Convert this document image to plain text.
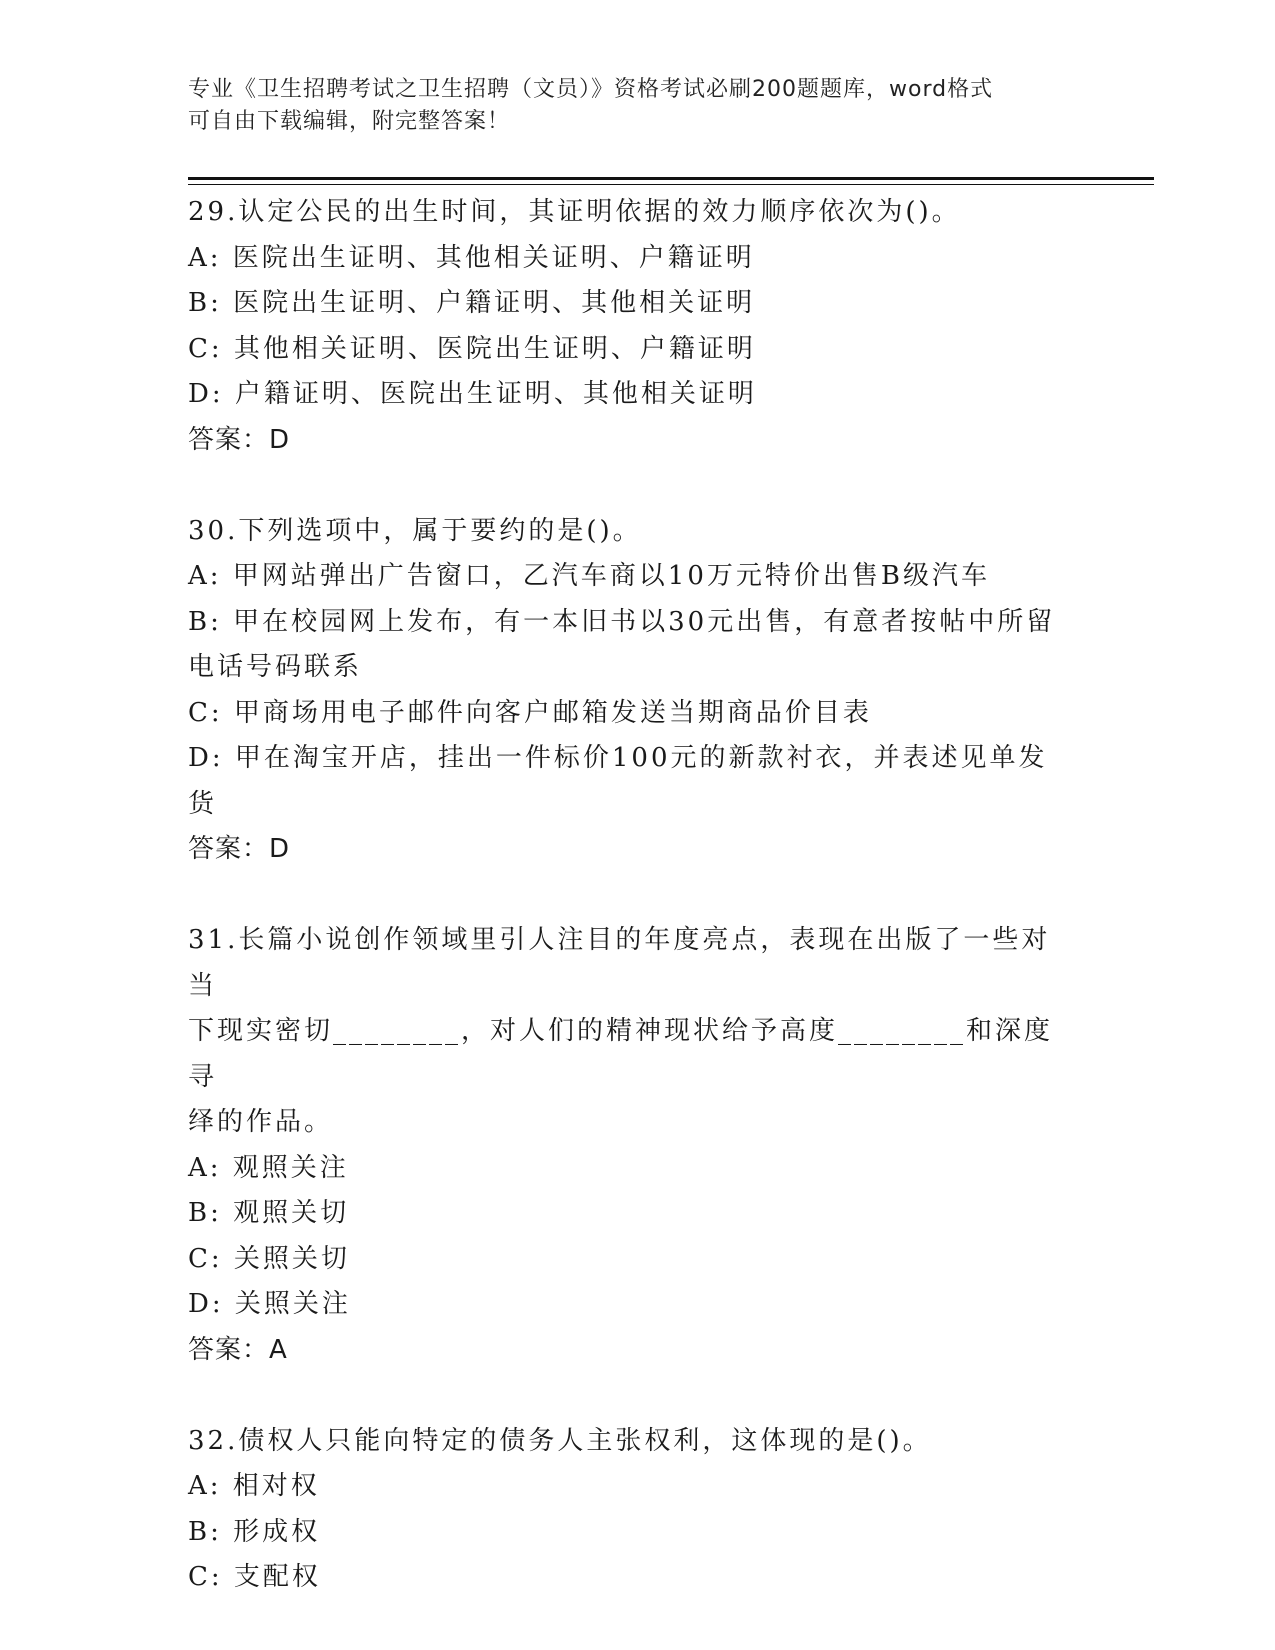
专业《卫生招聘考试之卫生招聘（文员）》资格考试必刷200题题库，word格式
可自由下载编辑，附完整答案！
29.认定公民的出生时间，其证明依据的效力顺序依次为()。
A: 医院出生证明、其他相关证明、户籍证明
B: 医院出生证明、户籍证明、其他相关证明
C: 其他相关证明、医院出生证明、户籍证明
D: 户籍证明、医院出生证明、其他相关证明
答案：D
30.下列选项中，属于要约的是()。
A: 甲网站弹出广告窗口，乙汽车商以10万元特价出售B级汽车
B: 甲在校园网上发布，有一本旧书以30元出售，有意者按帖中所留
电话号码联系
C: 甲商场用电子邮件向客户邮箱发送当期商品价目表
D: 甲在淘宝开店，挂出一件标价100元的新款衬衣，并表述见单发货
答案：D
31.长篇小说创作领域里引人注目的年度亮点，表现在出版了一些对当
下现实密切________，对人们的精神现状给予高度________和深度寻
绎的作品。
A: 观照关注
B: 观照关切
C: 关照关切
D: 关照关注
答案：A
32.债权人只能向特定的债务人主张权利，这体现的是()。
A: 相对权
B: 形成权
C: 支配权
